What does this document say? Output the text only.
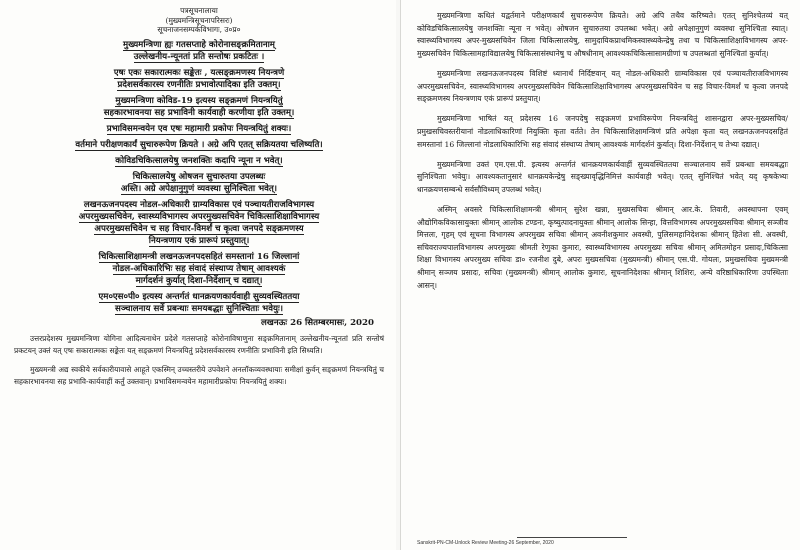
पत्रसूचनालाया
(मुख्यमन्त्रिसूचनापरिसरः)
सूचनाजनसम्पर्कविभागः, उ०प्र०
मुख्यमन्त्रिणा ह्यः गतसप्ताहे कोरोनासङ्क्रमितानाम्
उल्लेखनीय-न्यूनतां प्रति सन्तोषः प्रकटितः ।
एषः एकः सकारात्मकः सङ्केतः , यत्सङ्क्रमणस्य नियन्त्रणे
प्रदेशसर्वकारस्य रणनीतिः प्रभावोत्पादिका इति उक्तम्।
मुख्यमन्त्रिणा कोविड-19 इत्यस्य सङ्क्रमणं नियन्त्रयितुं
सहकारभावनया सह प्रभाविनी कार्यवाही करणीया इति उक्तम्।
प्रभाविसमन्वयेन एव एषः महामारी प्रकोपः नियन्त्रयितुं शक्यः।
वर्तमाने परीक्षणकार्यं सुचारुरूपेण क्रियते । अग्रे अपि एतत् सक्रियतया चलिष्यति।
कोविडचिकित्सालयेषु जनशक्तिः कदापि न्यूना न भवेत्।
चिकित्सालयेषु ओषजन सुचारुतया उपलब्धः
अस्ति। अग्रे अपेक्षानुगुणं व्यवस्था सुनिश्चिता भवेत्।
लखनऊजनपदस्य नोडल-अधिकारी ग्राम्यविकास एवं पञ्चायतीराजविभागस्य
अपरमुख्यसचिवेन, स्वास्थ्यविभागस्य अपरमुख्यसचिवेन चिकित्साशिक्षाविभागस्य
अपरमुख्यसचिवेन च सह विचार-विमर्शं च कृत्वा जनपदे सङ्क्रमणस्य
नियन्त्रणाय एकं प्रारूपं प्रस्तुयात्।
चिकित्साशिक्षामन्त्री लखनऊजनपदसहितं समस्तानां 16 जिल्लानां
नोडल-अधिकारिभिः सह संवादं संस्थाप्य तेषाम् आवश्यकं
मार्गदर्शनं कुर्यात् दिशा-निर्देशान् च दद्यात्।
एम०एस०पी० इत्यस्य अन्तर्गतं धानक्रयणकार्यवाही सुव्यवस्थिततया
सञ्चालनाय सर्वे प्रबन्धाः समयबद्धाः सुनिश्चिताः भवेयुः।
लखनऊः 26 सितम्बरमासः, 2020

उत्तरप्रदेशस्य मुख्यमन्त्रिणा योगिना आदित्यनाथेन प्रदेशे गतसप्ताहे कोरोनाविषाणुना सङ्क्रमितानाम् उल्लेखनीय-न्यूनतां प्रति सन्तोषं प्रकटयन् उक्तं यत् एषः सकारात्मकः सङ्केतः यत् सङ्क्रमणं नियन्त्रयितुं प्रदेशसर्वकारस्य रणनीतिः प्रभाविनी इति सिध्यति।

मुख्यमन्त्री अद्य स्वकीये सर्वकारीयावासे आहूते एकस्मिन् उच्चस्तरीये उपवेशने अनलॉकव्यवस्थायाः समीक्षां कुर्वन् सङ्क्रमणं नियन्त्रयितुं च सहकारभावनया सह प्रभावि-कार्यवाहीं कर्तुं उक्तवान्। प्रभाविसमन्वयेन महामारीप्रकोपः नियन्त्रयितुं शक्यः।

मुख्यमन्त्रिणा कथितं यद्वर्तमाने परीक्षणकार्यं सुचारुरूपेण क्रियते। अग्रे अपि तथैव करिष्यते। एतत् सुनिश्चेतव्यं यत् कोविडचिकित्सालयेषु जनशक्तिः न्यूना न भवेत्। ओषजन सुचारुतया उपलब्धः भवेत्। अग्रे अपेक्षानुगुणं व्यवस्था सुनिश्चिता स्यात्। स्वास्थ्यविभागस्य अपर-मुख्यसचिवेन जिला चिकित्सालयेषु, सामुदायिकप्राथमिकस्वास्थ्यकेन्द्रेषु तथा च चिकित्साशिक्षाविभागस्य अपर-मुख्यसचिवेन चिकित्सामहाविद्यालयेषु चिकित्सासंस्थानेषु च औषधीनाम् आवश्यकचिकित्सासामग्रीणां च उपलब्धतां सुनिश्चितां कुर्यात्।

मुख्यमन्त्रिणा लखनऊजनपदस्य विशिष्टं ध्यानार्थं निर्दिष्टवान् यत् नोडल-अधिकारी ग्राम्यविकास एवं पञ्चायतीराजविभागस्य अपरमुख्यसचिवेन, स्वास्थ्यविभागस्य अपरमुख्यसचिवेन चिकित्साशिक्षाविभागस्य अपरमुख्यसचिवेन च सह विचार-विमर्शं च कृत्वा जनपदे सङ्क्रमणस्य नियन्त्रणाय एकं प्रारूपं प्रस्तुयात्।

मुख्यमन्त्रिणा भाषितं यत् प्रदेशस्य 16 जनपदेषु सङ्क्रमणं प्रभाविरूपेण नियन्त्रयितुं शासनद्वारा अपर-मुख्यसचिव/प्रमुखसचिवस्तरीयानां नोडलाधिकारिणां नियुक्तिः कृता वर्तते। तेन चिकित्साशिक्षामन्त्रिणं प्रति अपेक्षा कृता यत् लखनऊजनपदसहितं समस्तानां 16 जिल्लानां नोडलाधिकारिभिः सह संवादं संस्थाप्य तेषाम् आवश्यकं मार्गदर्शनं कुर्यात्। दिशा-निर्देशान् च तेभ्यः दद्यात्।

मुख्यमन्त्रिणा उक्तं एम.एस.पी. इत्यस्य अन्तर्गतं धानक्रयणकार्यवाहीं सुव्यवस्थिततया सञ्चालनाय सर्वे प्रबन्धाः समयबद्धाः सुनिश्चिताः भवेयुः। आवश्यकतानुसारं धानक्रयकेन्द्रेषु सङ्ख्यावृद्धिनिमित्तं कार्यवाही भवेत्। एतत् सुनिश्चितं भवेत् यद् कृषकेभ्यः धानक्रयणसम्बन्धे सर्वसौविध्यम् उपलब्धं भवेत्।

अस्मिन् अवसरे चिकित्साशिक्षामन्त्री श्रीमान् सुरेश खन्ना, मुख्यसचिवः श्रीमान् आर.के. तिवारी, अवस्थापना एवम् औद्योगिकविकासायुक्तः श्रीमान् आलोक टण्डनः, कृष्युत्पादनायुक्तः श्रीमान् आलोक सिन्हा, वित्तविभागस्य अपरमुख्यसचिवः श्रीमान् सञ्जीव मित्तलः, गृहम् एवं सूचना विभागस्य अपरमुख्य सचिवः श्रीमान् अवनीशकुमार अवस्थी, पुलिसमहानिदेशकः श्रीमान् हितेशः सी. अवस्थी, सचिवराज्यपालविभागस्य अपरमुख्यः श्रीमती रेणुका कुमारः, स्वास्थ्यविभागस्य अपरमुख्यः सचिवः श्रीमान् अमितमोहन प्रसादः,चिकित्सा शिक्षा विभागस्य अपरमुख्य सचिवः डा० रजनीश दुबे, अपरः मुख्यसचिवः (मुख्यमन्त्री) श्रीमान् एस.पी. गोयलः, प्रमुखसचिवः मुख्यमन्त्री श्रीमान् सञ्जय प्रसादः, सचिवः (मुख्यमन्त्री) श्रीमान् आलोक कुमारः, सूचनानिदेशकः श्रीमान् शिशिरः, अन्ये वरिष्ठाधिकारिणः उपस्थिताः आसन्।

Sanskrit-PN-CM-Unlock Review Meeting-26 September, 2020
